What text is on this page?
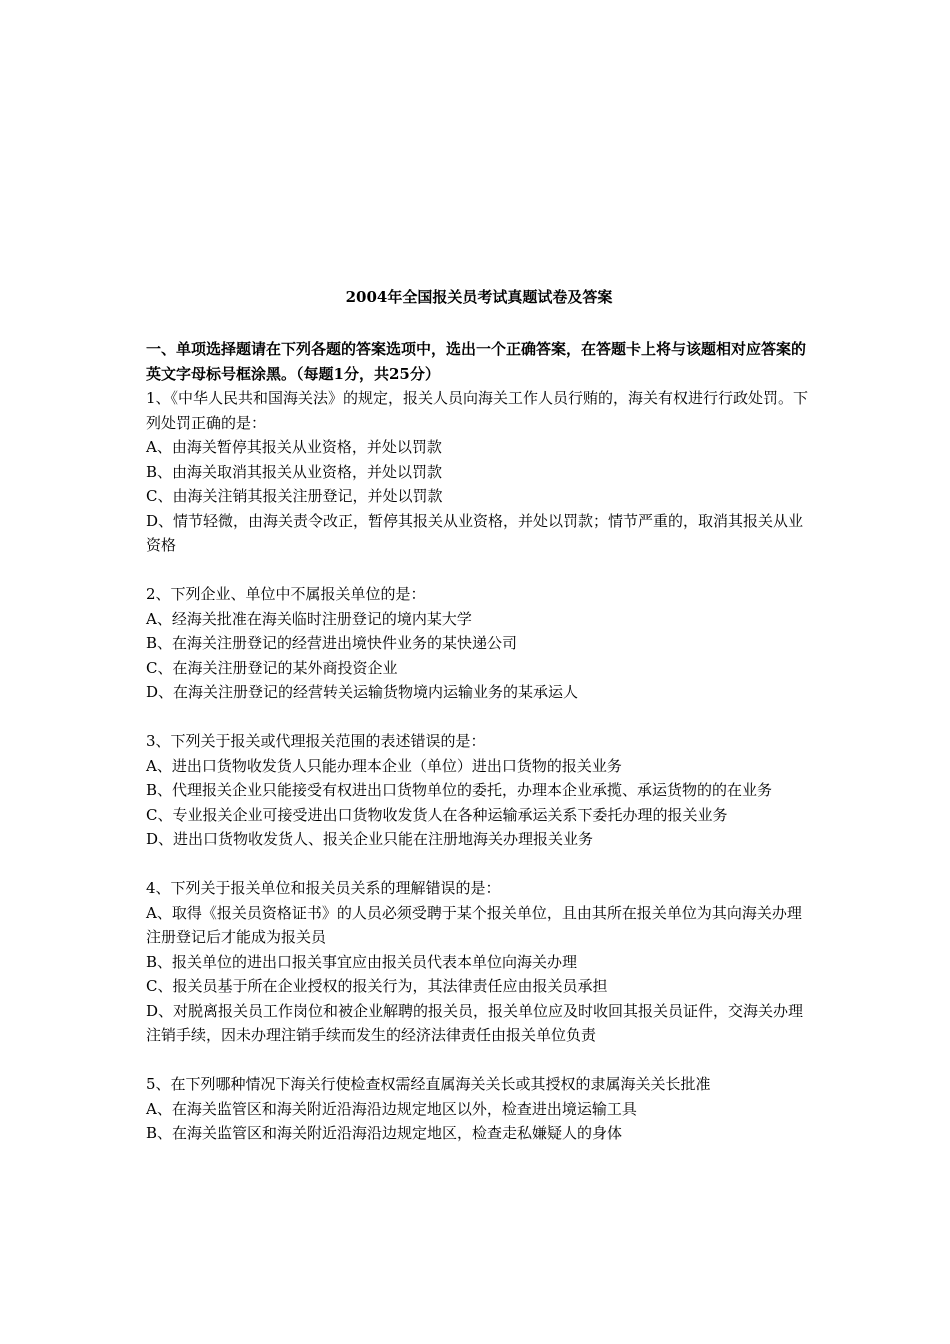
2004年全国报关员考试真题试卷及答案
一、单项选择题请在下列各题的答案选项中，选出一个正确答案，在答题卡上将与该题相对应答案的英文字母标号框涂黑。（每题1分，共25分）
1、《中华人民共和国海关法》的规定，报关人员向海关工作人员行贿的，海关有权进行行政处罚。下列处罚正确的是：
A、由海关暂停其报关从业资格，并处以罚款
B、由海关取消其报关从业资格，并处以罚款
C、由海关注销其报关注册登记，并处以罚款
D、情节轻微，由海关责令改正，暂停其报关从业资格，并处以罚款；情节严重的，取消其报关从业资格
2、下列企业、单位中不属报关单位的是：
A、经海关批准在海关临时注册登记的境内某大学
B、在海关注册登记的经营进出境快件业务的某快递公司
C、在海关注册登记的某外商投资企业
D、在海关注册登记的经营转关运输货物境内运输业务的某承运人
3、下列关于报关或代理报关范围的表述错误的是：
A、进出口货物收发货人只能办理本企业（单位）进出口货物的报关业务
B、代理报关企业只能接受有权进出口货物单位的委托，办理本企业承揽、承运货物的的在业务
C、专业报关企业可接受进出口货物收发货人在各种运输承运关系下委托办理的报关业务
D、进出口货物收发货人、报关企业只能在注册地海关办理报关业务
4、下列关于报关单位和报关员关系的理解错误的是：
A、取得《报关员资格证书》的人员必须受聘于某个报关单位，且由其所在报关单位为其向海关办理注册登记后才能成为报关员
B、报关单位的进出口报关事宜应由报关员代表本单位向海关办理
C、报关员基于所在企业授权的报关行为，其法律责任应由报关员承担
D、对脱离报关员工作岗位和被企业解聘的报关员，报关单位应及时收回其报关员证件，交海关办理注销手续，因未办理注销手续而发生的经济法律责任由报关单位负责
5、在下列哪种情况下海关行使检查权需经直属海关关长或其授权的隶属海关关长批准
A、在海关监管区和海关附近沿海沿边规定地区以外，检查进出境运输工具
B、在海关监管区和海关附近沿海沿边规定地区，检查走私嫌疑人的身体
